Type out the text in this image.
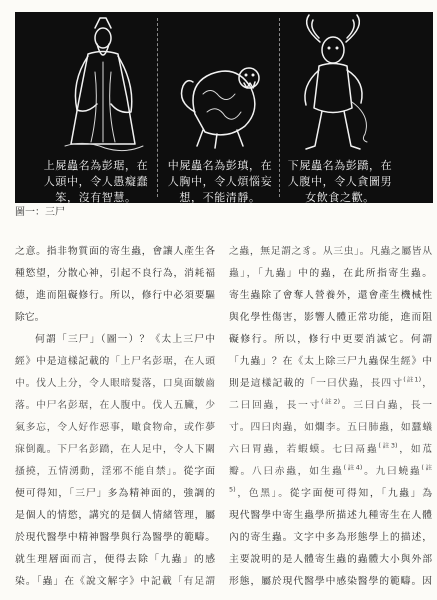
上屍蟲名為彭琚，在
人頭中，令人愚癡蠢
笨，沒有智慧。
中屍蟲名為彭瑱，在
人胸中，令人煩惱妄
想，不能清靜。
下屍蟲名為彭蹻，在
人腹中，令人貪圖男
女飲食之歡。
圖一：三尸
之意。指非物質面的寄生蟲，會讓人產生各
種慾望，分散心神，引起不良行為，消耗福
德，進而阻礙修行。所以，修行中必須要驅
除它。
何謂「三尸」（圖一）？《太上三尸中
經》中是這樣記載的「上尸名彭琚，在人頭
中。伐人上分，令人眼暗髮落，口臭面皺齒
落。中尸名彭琚，在人腹中。伐人五臟，少
氣多忘，令人好作惡事，噉食物命，或作夢
寐倒亂。下尸名彭蹻，在人足中，令人下關
搔撓，五情湧動，淫邪不能自禁」。從字面
便可得知，「三尸」多為精神面的，強調的
是個人的情慾，講究的是個人情緒管理，屬
於現代醫學中精神醫學與行為醫學的範疇。
就生理層面而言，便得去除「九蟲」的感
染。「蟲」在《說文解字》中記載「有足謂
之蟲，無足謂之豸。从三虫」。凡蟲之屬皆从
蟲」，「九蟲」中的蟲，在此所指寄生蟲。
寄生蟲除了會奪人營養外，還會產生機械性
與化學性傷害，影響人體正常功能，進而阻
礙修行。所以，修行中更要消滅它。何謂
「九蟲」？在《太上除三尸九蟲保生經》中
則是這樣記載的「一曰伏蟲，長四寸$^{(註1)}$，
二曰回蟲，長一寸$^{(註2)}$。三曰白蟲，長一
寸。四曰肉蟲，如爛李。五曰肺蟲，如蠶蟻
六曰胃蟲，若蝦蟆。七曰鬲蟲$^{(註3)}$，如苽
瓣。八曰赤蟲，如生蟲$^{(註4)}$。九曰蟯蟲$^{(註}$
$^{5)}$，色黑」。從字面便可得知，「九蟲」為
現代醫學中寄生蟲學所描述九種寄生在人體
內的寄生蟲。文字中多為形態學上的描述，
主要說明的是人體寄生蟲的蟲體大小與外部
形態，屬於現代醫學中感染醫學的範疇。因
